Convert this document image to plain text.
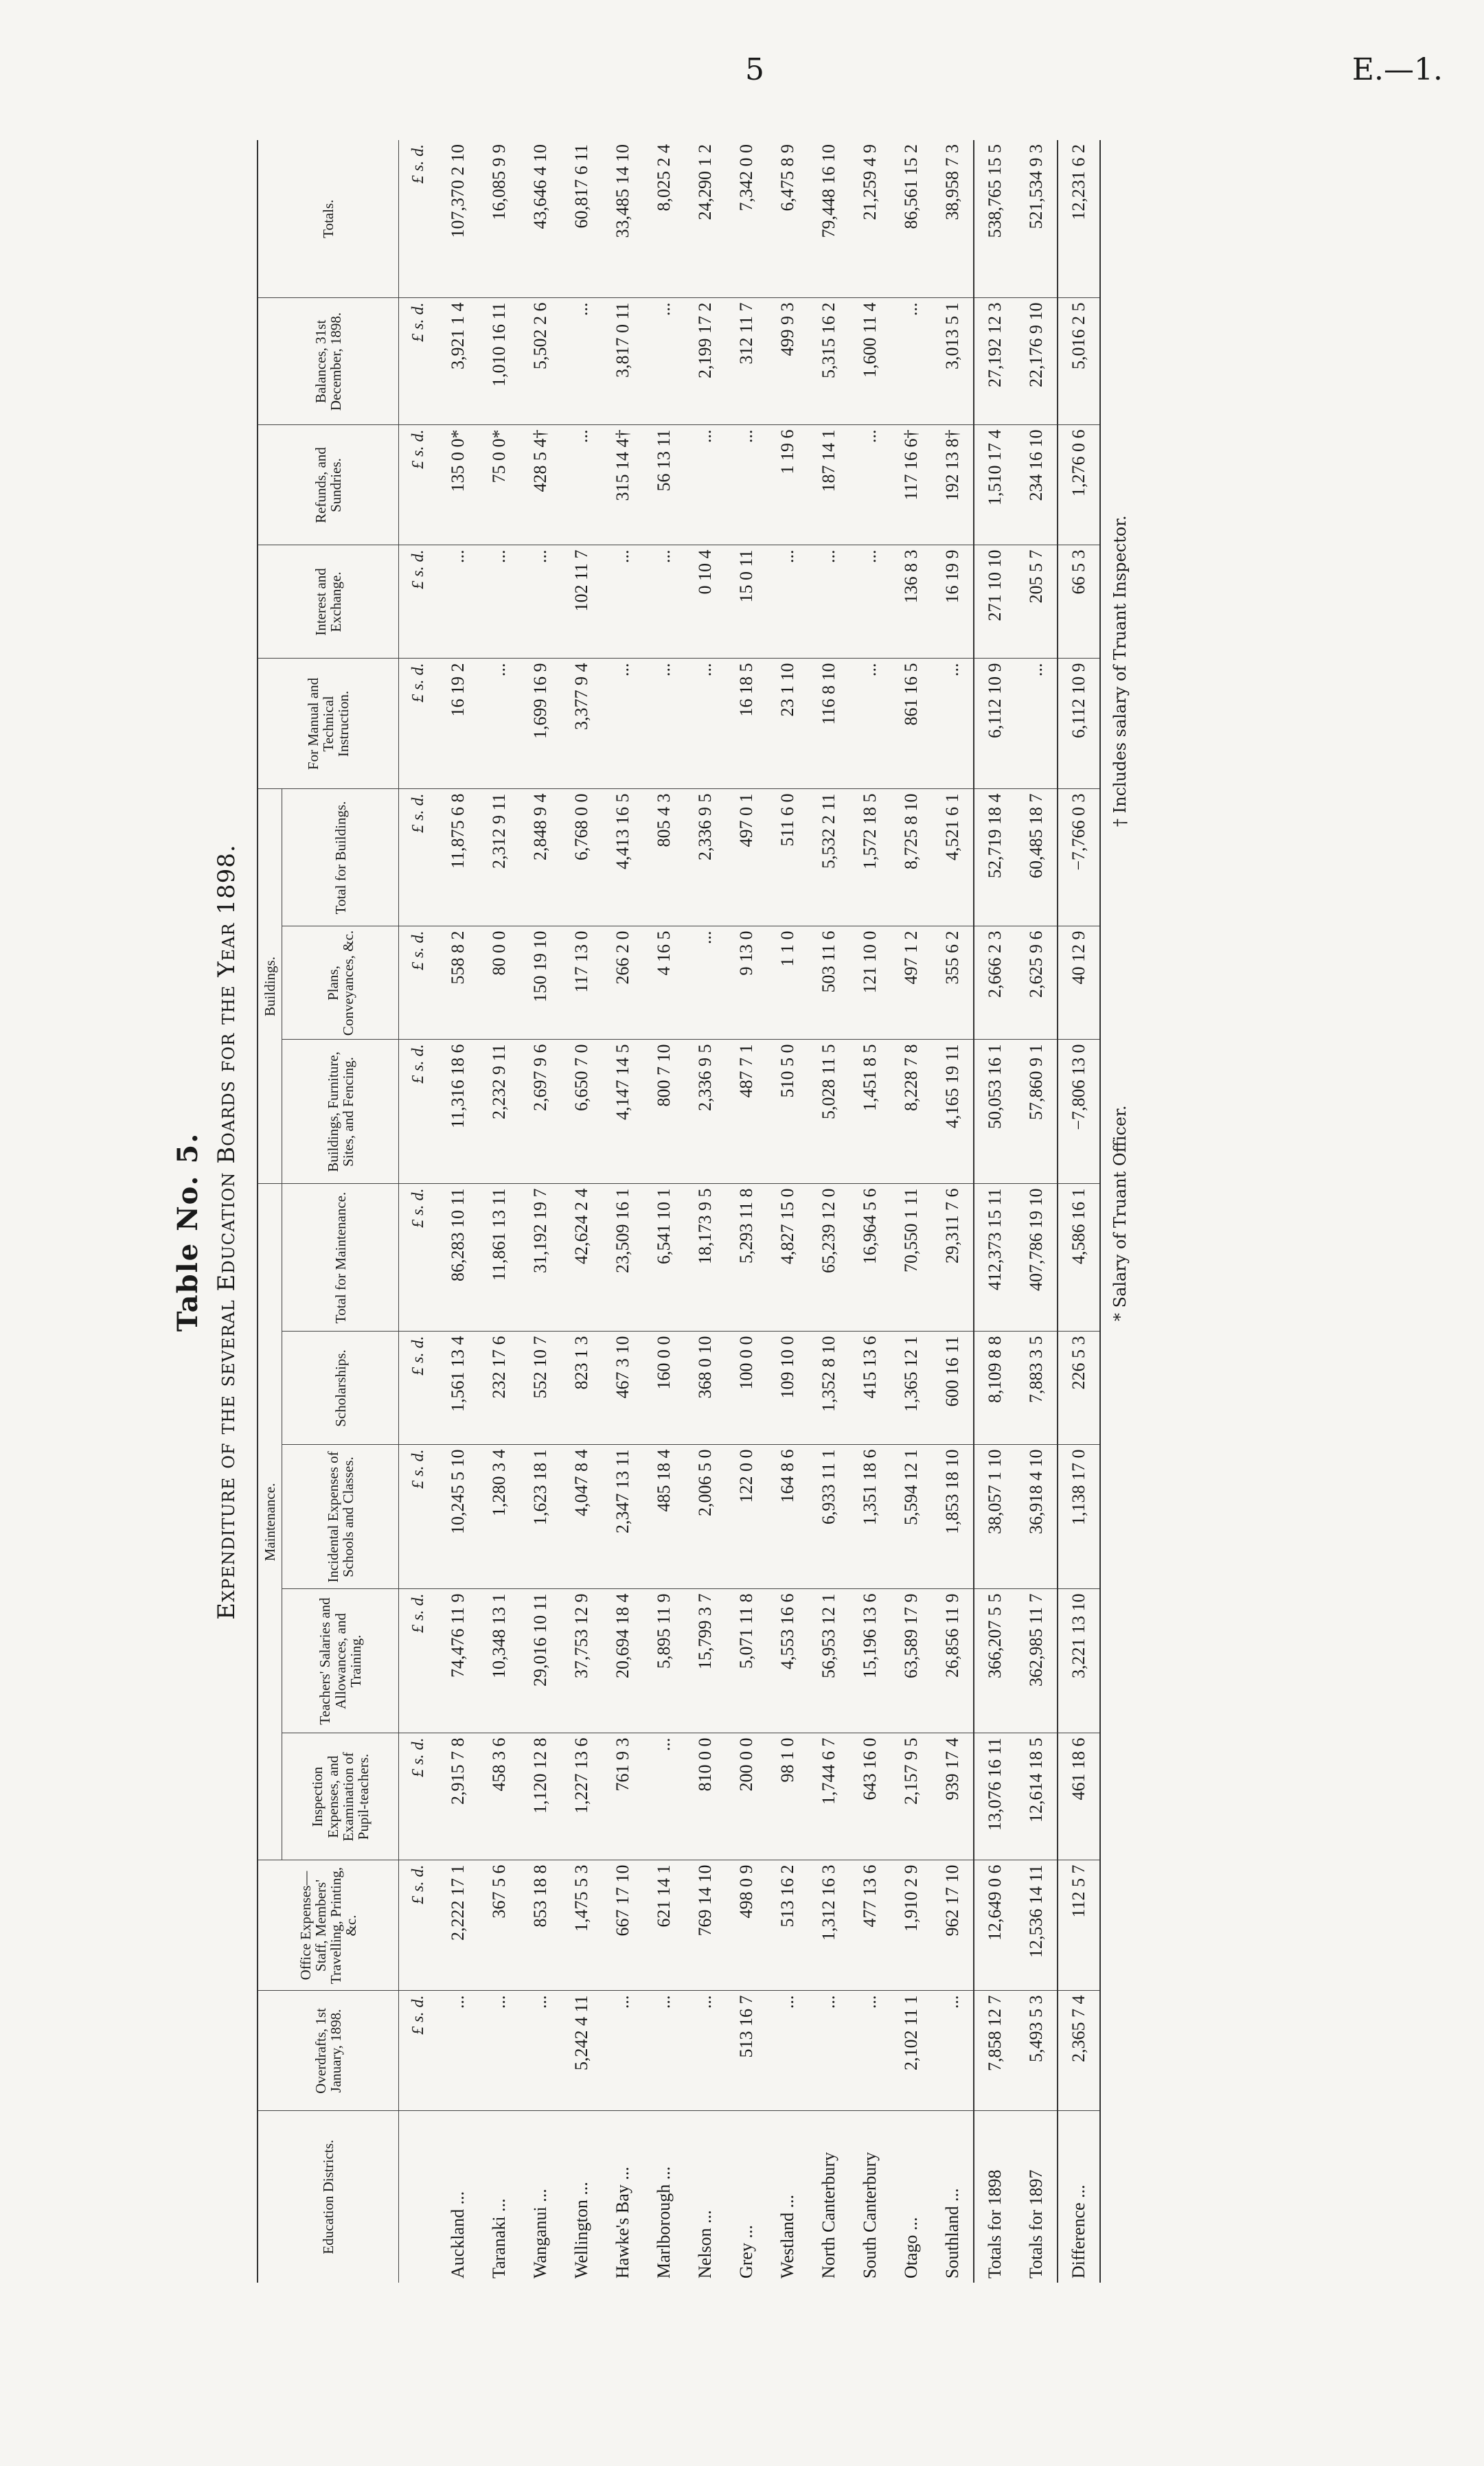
5	E.—1.
Table No. 5. Expenditure of the several Education Boards for the Year 1898.
Education Districts.	Overdrafts, 1st January, 1898.	Office Expenses—Staff, Members' Travelling, Printing, &c.	Maintenance.					Buildings.			For Manual and Technical Instruction.	Interest and Exchange.	Refunds, and Sundries.	Balances, 31st December, 1898.	Totals.
			Inspection Expenses, and Examination of Pupil-teachers.	Teachers' Salaries and Allowances, and Training.	Incidental Expenses of Schools and Classes.	Scholarships.	Total for Maintenance.	Buildings, Furniture, Sites, and Fencing.	Plans, Conveyances, &c.	Total for Buildings.					
	£ s. d.	£ s. d.	£ s. d.	£ s. d.	£ s. d.	£ s. d.	£ s. d.	£ s. d.	£ s. d.	£ s. d.	£ s. d.	£ s. d.	£ s. d.	£ s. d.	£ s. d.
Auckland ...	...	2,222 17 1	2,915 7 8	74,476 11 9	10,245 5 10	1,561 13 4	86,283 10 11	11,316 18 6	558 8 2	11,875 6 8	16 19 2	...	135 0 0*	3,921 1 4	107,370 2 10
Taranaki ...	...	367 5 6	458 3 6	10,348 13 1	1,280 3 4	232 17 6	11,861 13 11	2,232 9 11	80 0 0	2,312 9 11	...	...	75 0 0*	1,010 16 11	16,085 9 9
Wanganui ...	...	853 18 8	1,120 12 8	29,016 10 11	1,623 18 1	552 10 7	31,192 19 7	2,697 9 6	150 19 10	2,848 9 4	1,699 16 9	...	428 5 4†	5,502 2 6	43,646 4 10
Wellington ...	5,242 4 11	1,475 5 3	1,227 13 6	37,753 12 9	4,047 8 4	823 1 3	42,624 2 4	6,650 7 0	117 13 0	6,768 0 0	3,377 9 4	102 11 7	...	...	60,817 6 11
Hawke's Bay ...	...	667 17 10	761 9 3	20,694 18 4	2,347 13 11	467 3 10	23,509 16 1	4,147 14 5	266 2 0	4,413 16 5	...	...	315 14 4†	3,817 0 11	33,485 14 10
Marlborough ...	...	621 14 1	...	5,895 11 9	485 18 4	160 0 0	6,541 10 1	800 7 10	4 16 5	805 4 3	...	...	56 13 11	...	8,025 2 4
Nelson ...	...	769 14 10	810 0 0	15,799 3 7	2,006 5 0	368 0 10	18,173 9 5	2,336 9 5	...	2,336 9 5	...	0 10 4	...	2,199 17 2	24,290 1 2
Grey ...	513 16 7	498 0 9	200 0 0	5,071 11 8	122 0 0	100 0 0	5,293 11 8	487 7 1	9 13 0	497 0 1	16 18 5	15 0 11	...	312 11 7	7,342 0 0
Westland ...	...	513 16 2	98 1 0	4,553 16 6	164 8 6	109 10 0	4,827 15 0	510 5 0	1 1 0	511 6 0	23 1 10	...	1 19 6	499 9 3	6,475 8 9
North Canterbury	...	1,312 16 3	1,744 6 7	56,953 12 1	6,933 11 1	1,352 8 10	65,239 12 0	5,028 11 5	503 11 6	5,532 2 11	116 8 10	...	187 14 1	5,315 16 2	79,448 16 10
South Canterbury	...	477 13 6	643 16 0	15,196 13 6	1,351 18 6	415 13 6	16,964 5 6	1,451 8 5	121 10 0	1,572 18 5	...	...	...	1,600 11 4	21,259 4 9
Otago ...	2,102 11 1	1,910 2 9	2,157 9 5	63,589 17 9	5,594 12 1	1,365 12 1	70,550 1 11	8,228 7 8	497 1 2	8,725 8 10	861 16 5	136 8 3	117 16 6†	...	86,561 15 2
Southland ...	...	962 17 10	939 17 4	26,856 11 9	1,853 18 10	600 16 11	29,311 7 6	4,165 19 11	355 6 2	4,521 6 1	...	16 19 9	192 13 8†	3,013 5 1	38,958 7 3
Totals for 1898	7,858 12 7	12,649 0 6	13,076 16 11	366,207 5 5	38,057 1 10	8,109 8 8	412,373 15 11	50,053 16 1	2,666 2 3	52,719 18 4	6,112 10 9	271 10 10	1,510 17 4	27,192 12 3	538,765 15 5
Totals for 1897	5,493 5 3	12,536 14 11	12,614 18 5	362,985 11 7	36,918 4 10	7,883 3 5	407,786 19 10	57,860 9 1	2,625 9 6	60,485 18 7	...	205 5 7	234 16 10	22,176 9 10	521,534 9 3
Difference ...	2,365 7 4	112 5 7	461 18 6	3,221 13 10	1,138 17 0	226 5 3	4,586 16 1	−7,806 13 0	40 12 9	−7,766 0 3	6,112 10 9	66 5 3	1,276 0 6	5,016 2 5	12,231 6 2
* Salary of Truant Officer.
† Includes salary of Truant Inspector.
